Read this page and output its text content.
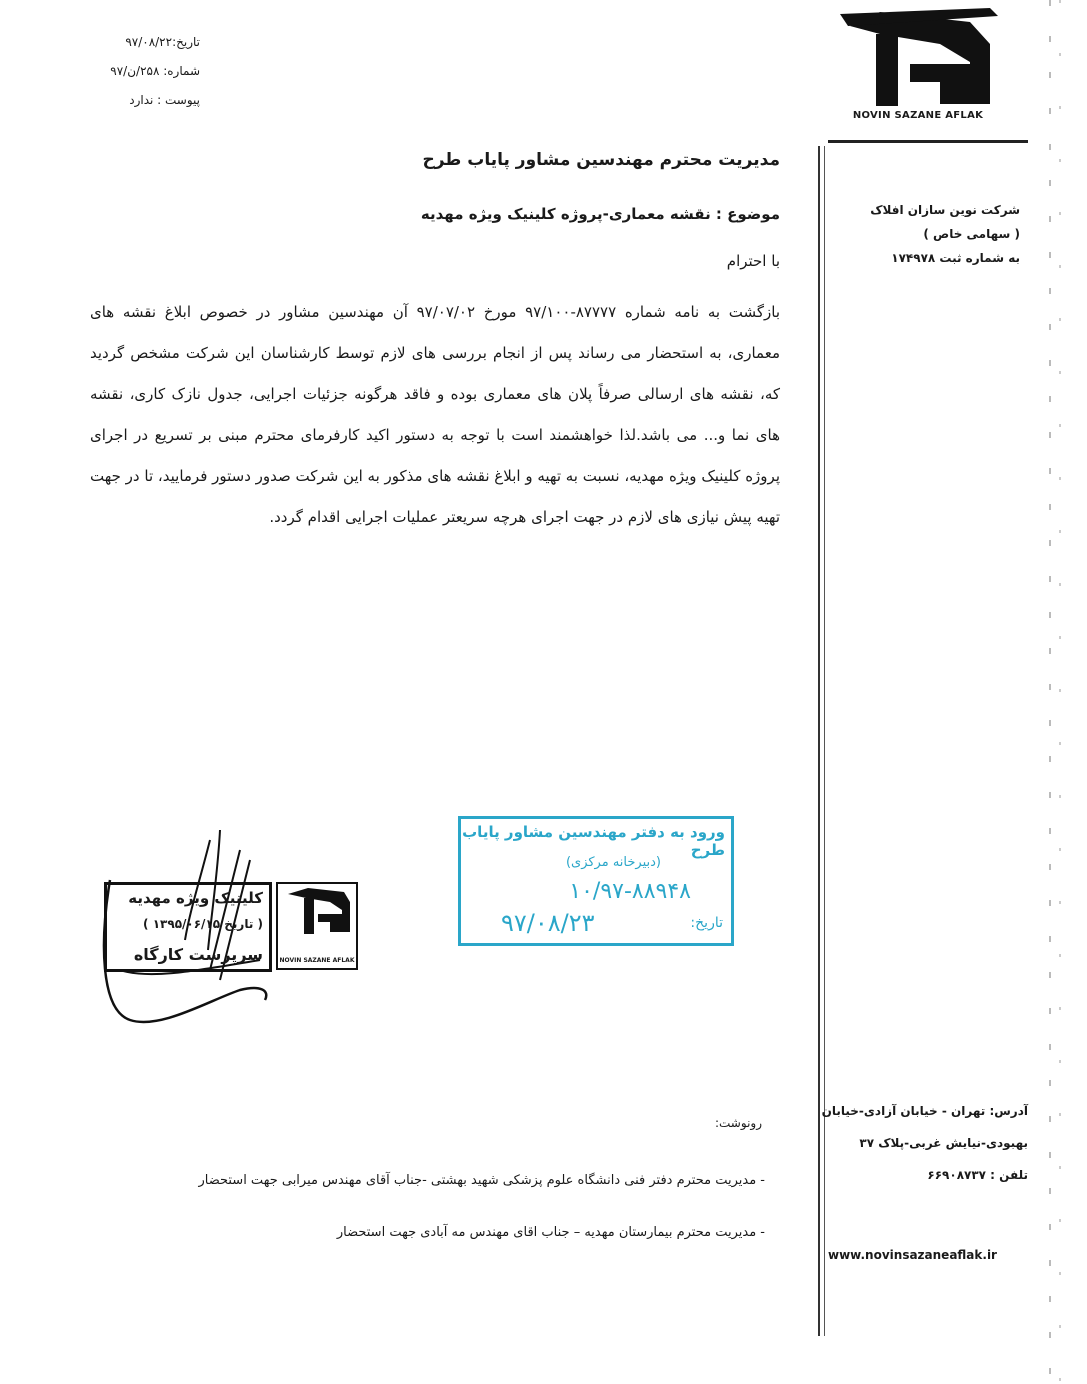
تاریخ:۹۷/۰۸/۲۲
شماره: ۲۵۸/ن/۹۷
پیوست : ندارد
NOVIN SAZANE AFLAK
شرکت نوین سازان افلاک
( سهامی خاص )
به شماره ثبت ۱۷۴۹۷۸
مدیریت محترم مهندسین مشاور پایاب طرح
موضوع : نقشه معماری-پروژه کلینیک ویژه مهدیه
با احترام
بازگشت به نامه شماره ۸۷۷۷۷-۹۷/۱۰۰ مورخ ۹۷/۰۷/۰۲ آن مهندسین مشاور در خصوص ابلاغ نقشه های معماری، به استحضار می رساند پس از انجام بررسی های لازم توسط کارشناسان این شرکت مشخص گردید که، نقشه های ارسالی صرفاً پلان های معماری بوده و فاقد هرگونه جزئیات اجرایی، جدول نازک کاری، نقشه های نما و... می باشد.لذا خواهشمند است با توجه به دستور اکید کارفرمای محترم مبنی بر تسریع در اجرای پروژه کلینیک ویژه مهدیه، نسبت به تهیه و ابلاغ نقشه های مذکور به این شرکت صدور دستور فرمایید، تا در جهت تهیه پیش نیازی های لازم در جهت اجرای هرچه سریعتر عملیات اجرایی اقدام گردد.
ورود به دفتر مهندسین مشاور پایاب طرح
(دبیرخانه مرکزی)
۱۰/۹۷-۸۸۹۴۸
تاریخ:
۹۷/۰۸/۲۳
کلینیک ویژه مهدیه
( تاریخ ۱۳۹۵/۰۶/۱۵ )
سرپرست کارگاه	NOVIN SAZANE AFLAK
رونوشت:
- مدیریت محترم دفتر فنی دانشگاه علوم پزشکی شهید بهشتی -جناب آقای مهندس میرابی جهت استحضار
- مدیریت محترم بیمارستان مهدیه – جناب اقای مهندس مه آبادی جهت استحضار
آدرس: تهران - خیابان آزادی-خیابان
بهبودی-نیایش غربی-پلاک ۳۷
تلفن : ۶۶۹۰۸۷۳۷
www.novinsazaneaflak.ir
